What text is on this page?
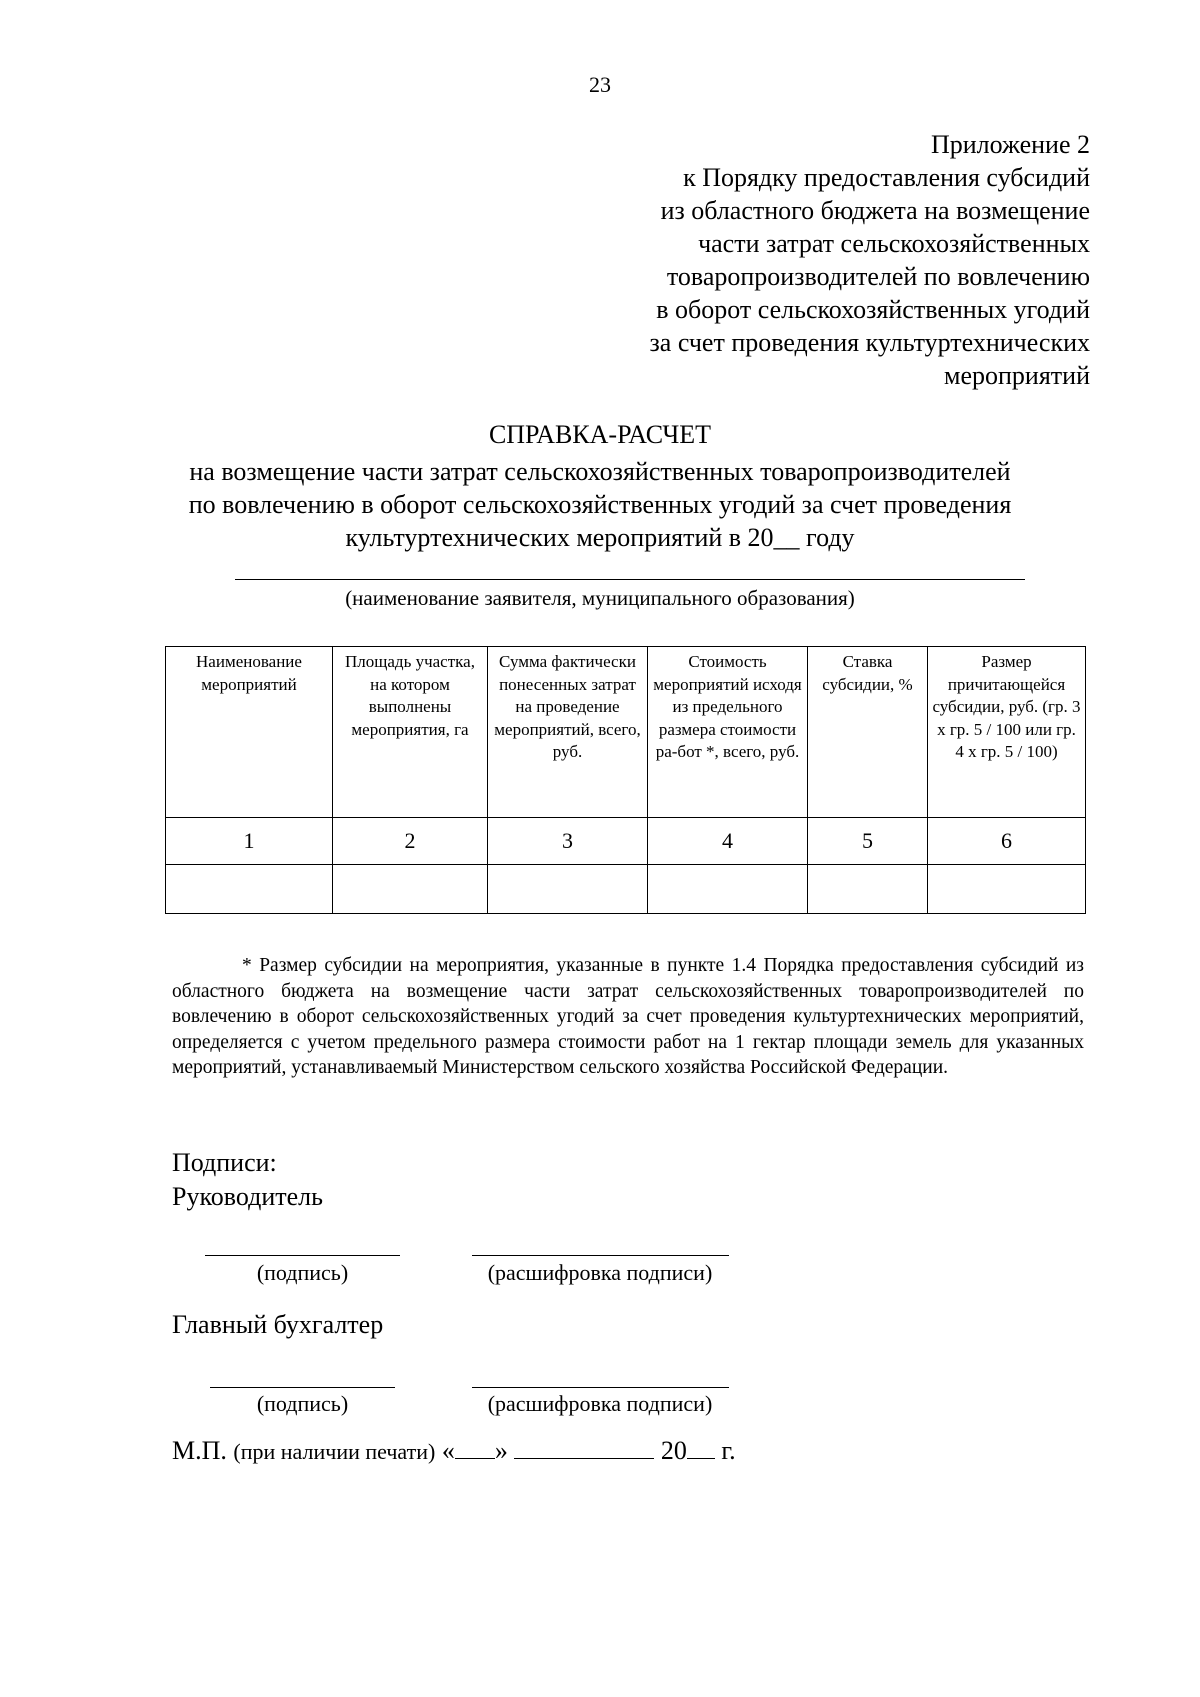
23
Приложение 2
к Порядку предоставления субсидий
из областного бюджета на возмещение
части затрат сельскохозяйственных
товаропроизводителей по вовлечению
в оборот сельскохозяйственных угодий
за счет проведения культуртехнических
мероприятий
СПРАВКА-РАСЧЕТ
на возмещение части затрат сельскохозяйственных товаропроизводителей
по вовлечению в оборот сельскохозяйственных угодий за счет проведения
культуртехнических мероприятий в 20__ году
(наименование заявителя, муниципального образования)
Наименование мероприятий	Площадь участка, на котором выполнены мероприятия, га	Сумма фактически понесенных затрат на проведение мероприятий, всего, руб.	Стоимость мероприятий исходя из предельного размера стоимости ра-бот *, всего, руб.	Ставка субсидии, %	Размер причитающейся субсидии, руб. (гр. 3 x гр. 5 / 100 или гр. 4 x гр. 5 / 100)
1	2	3	4	5	6

* Размер субсидии на мероприятия, указанные в пункте 1.4 Порядка предоставления субсидий из областного бюджета на возмещение части затрат сельскохозяйственных товаропроизводителей по вовлечению в оборот сельскохозяйственных угодий за счет проведения культуртехнических мероприятий, определяется с учетом предельного размера стоимости работ на 1 гектар площади земель для указанных мероприятий, устанавливаемый Министерством сельского хозяйства Российской Федерации.
Подписи:
Руководитель
(подпись)	(расшифровка подписи)
Главный бухгалтер
(подпись)	(расшифровка подписи)
М.П. (при наличии печати) « »	20 г.
